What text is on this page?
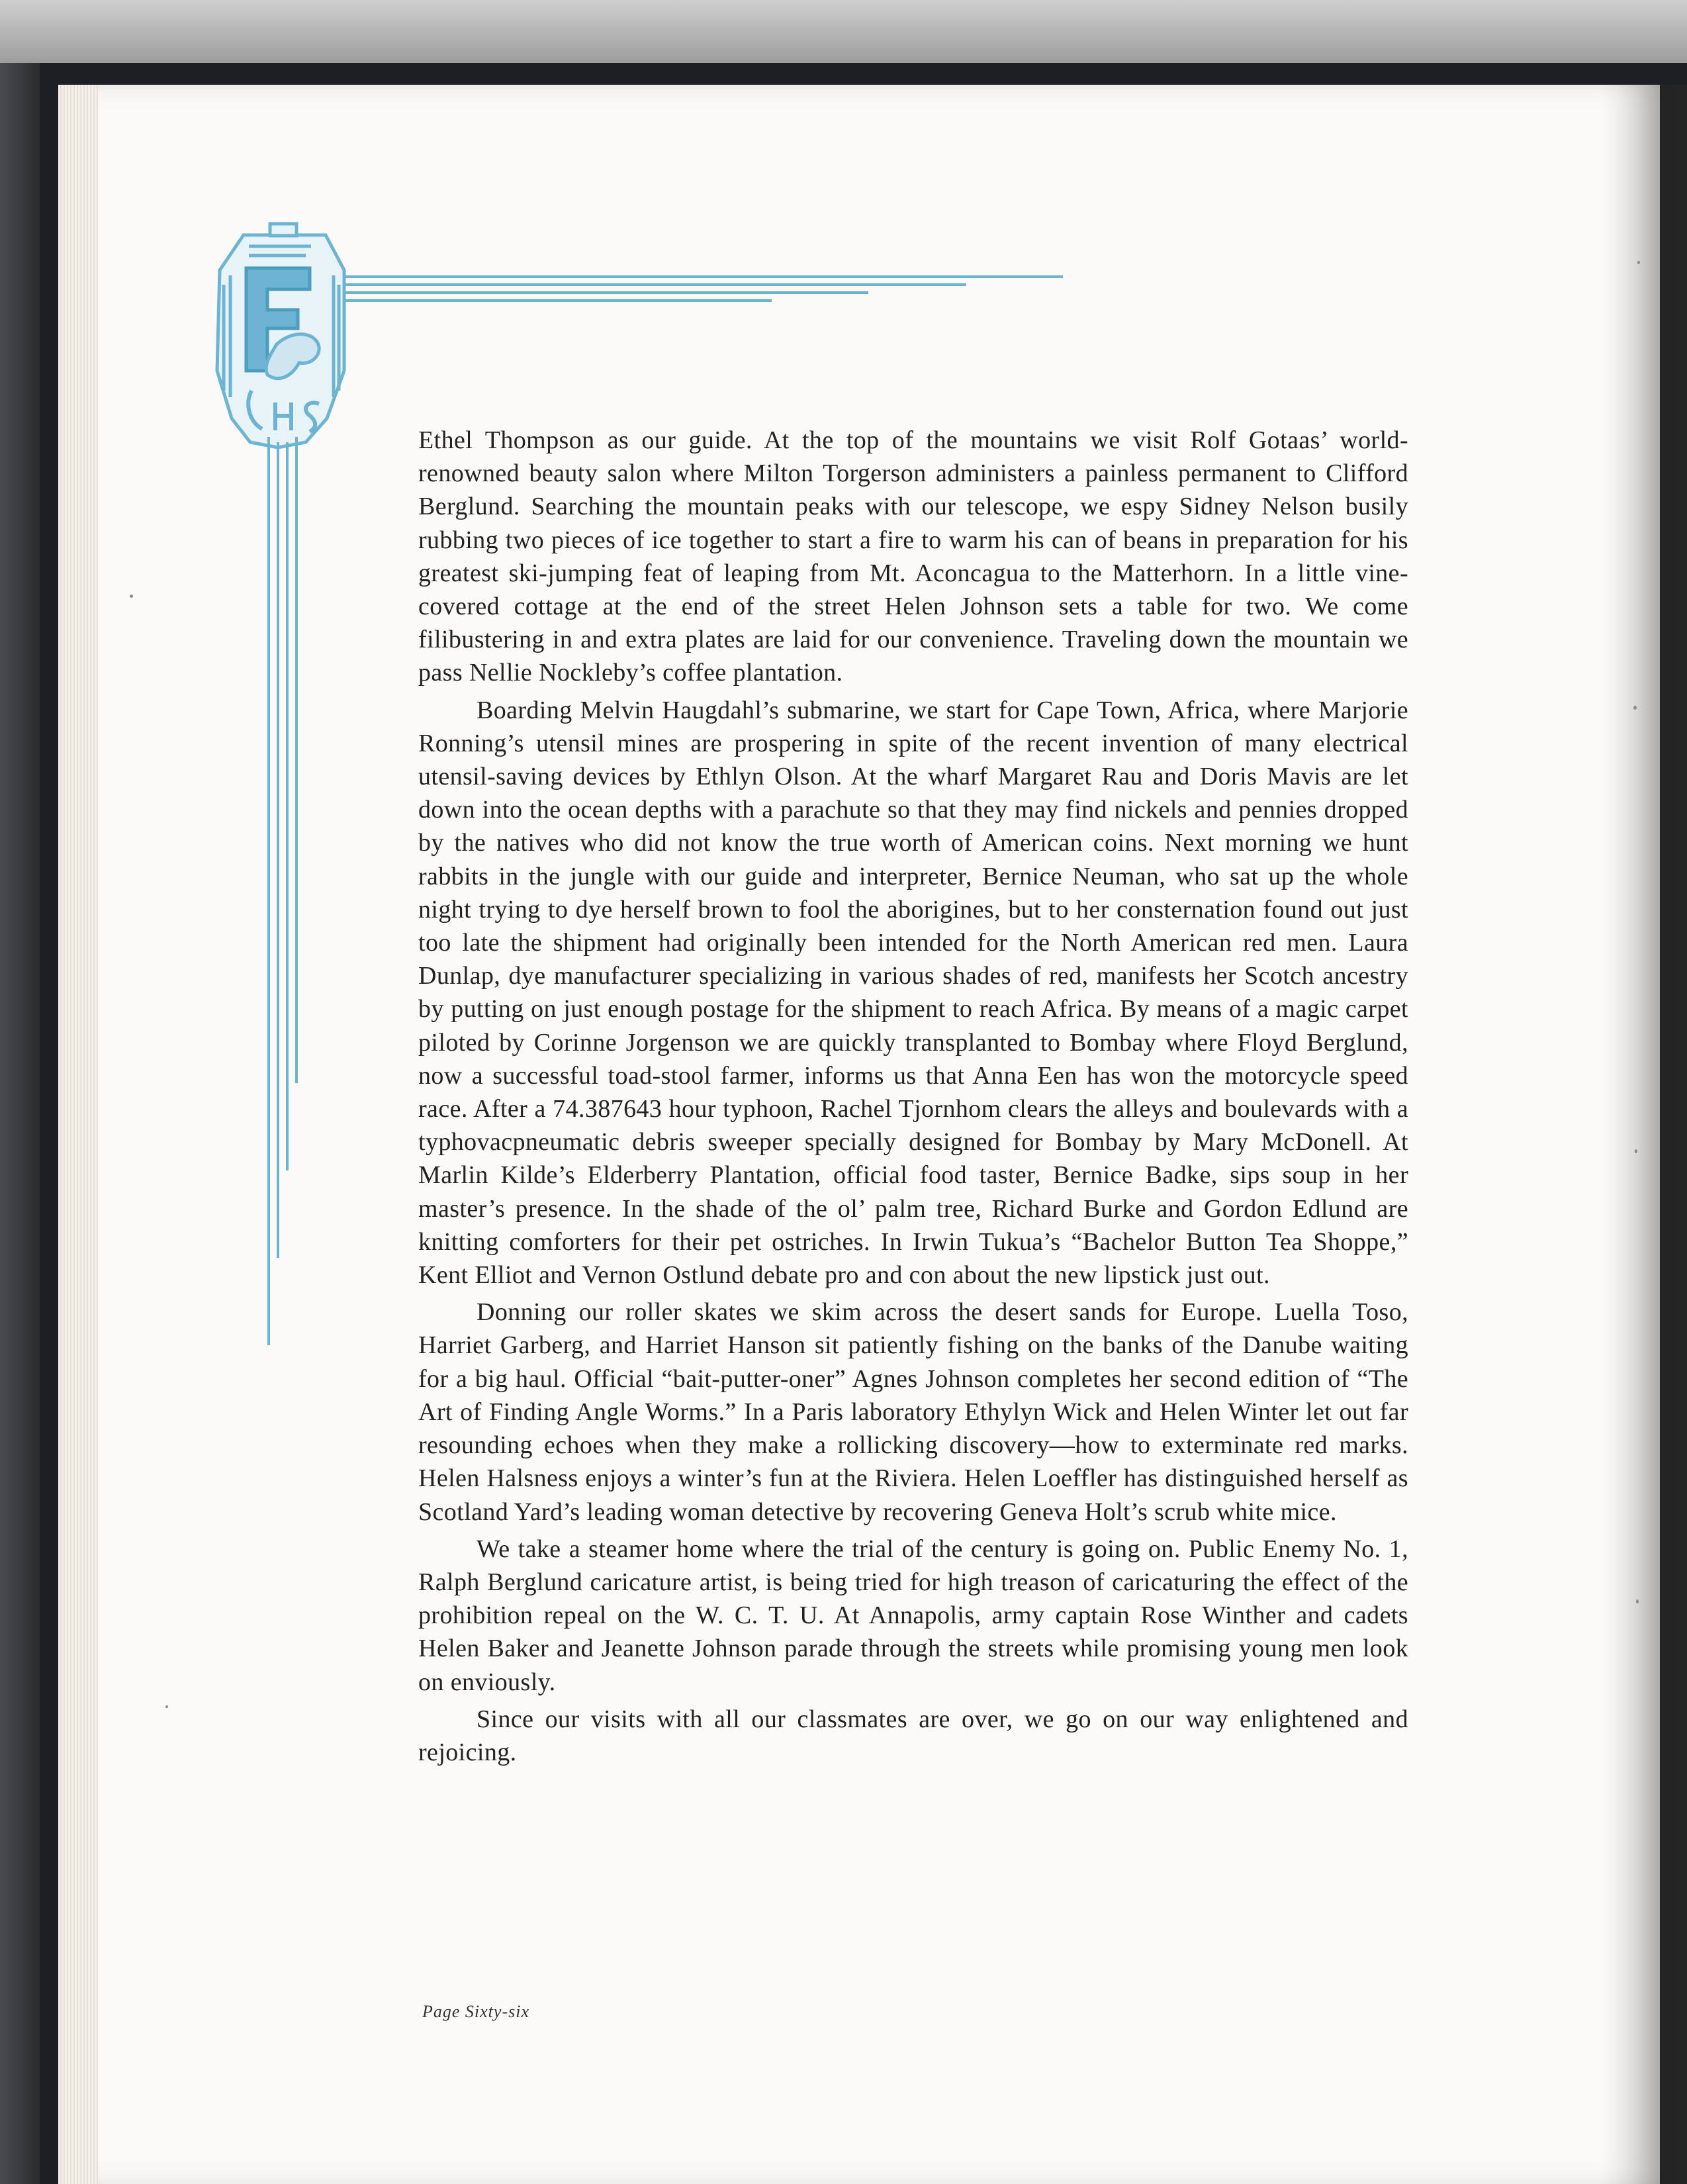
Ethel Thompson as our guide. At the top of the mountains we visit Rolf Gotaas’ world-renowned beauty salon where Milton Torgerson administers a painless permanent to Clifford Berglund. Searching the mountain peaks with our telescope, we espy Sidney Nelson busily rubbing two pieces of ice together to start a fire to warm his can of beans in preparation for his greatest ski-jumping feat of leaping from Mt. Aconcagua to the Matterhorn. In a little vine-covered cottage at the end of the street Helen Johnson sets a table for two. We come filibustering in and extra plates are laid for our convenience. Traveling down the mountain we pass Nellie Nockleby’s coffee plantation.

Boarding Melvin Haugdahl’s submarine, we start for Cape Town, Africa, where Marjorie Ronning’s utensil mines are prospering in spite of the recent invention of many electrical utensil-saving devices by Ethlyn Olson. At the wharf Margaret Rau and Doris Mavis are let down into the ocean depths with a parachute so that they may find nickels and pennies dropped by the natives who did not know the true worth of American coins. Next morning we hunt rabbits in the jungle with our guide and interpreter, Bernice Neuman, who sat up the whole night trying to dye herself brown to fool the aborigines, but to her consternation found out just too late the shipment had originally been intended for the North American red men. Laura Dunlap, dye manufacturer specializing in various shades of red, manifests her Scotch ancestry by putting on just enough postage for the shipment to reach Africa. By means of a magic carpet piloted by Corinne Jorgenson we are quickly transplanted to Bombay where Floyd Berglund, now a successful toad-stool farmer, informs us that Anna Een has won the motorcycle speed race. After a 74.387643 hour typhoon, Rachel Tjornhom clears the alleys and boulevards with a typhovacpneumatic debris sweeper specially designed for Bombay by Mary McDonell. At Marlin Kilde’s Elderberry Plantation, official food taster, Bernice Badke, sips soup in her master’s presence. In the shade of the ol’ palm tree, Richard Burke and Gordon Edlund are knitting comforters for their pet ostriches. In Irwin Tukua’s “Bachelor Button Tea Shoppe,” Kent Elliot and Vernon Ostlund debate pro and con about the new lipstick just out.

Donning our roller skates we skim across the desert sands for Europe. Luella Toso, Harriet Garberg, and Harriet Hanson sit patiently fishing on the banks of the Danube waiting for a big haul. Official “bait-putter-oner” Agnes Johnson completes her second edition of “The Art of Finding Angle Worms.” In a Paris laboratory Ethylyn Wick and Helen Winter let out far resounding echoes when they make a rollicking discovery—how to exterminate red marks. Helen Halsness enjoys a winter’s fun at the Riviera. Helen Loeffler has distinguished herself as Scotland Yard’s leading woman detective by recovering Geneva Holt’s scrub white mice.

We take a steamer home where the trial of the century is going on. Public Enemy No. 1, Ralph Berglund caricature artist, is being tried for high treason of caricaturing the effect of the prohibition repeal on the W. C. T. U. At Annapolis, army captain Rose Winther and cadets Helen Baker and Jeanette Johnson parade through the streets while promising young men look on enviously.

Since our visits with all our classmates are over, we go on our way enlightened and rejoicing.

Page Sixty-six
